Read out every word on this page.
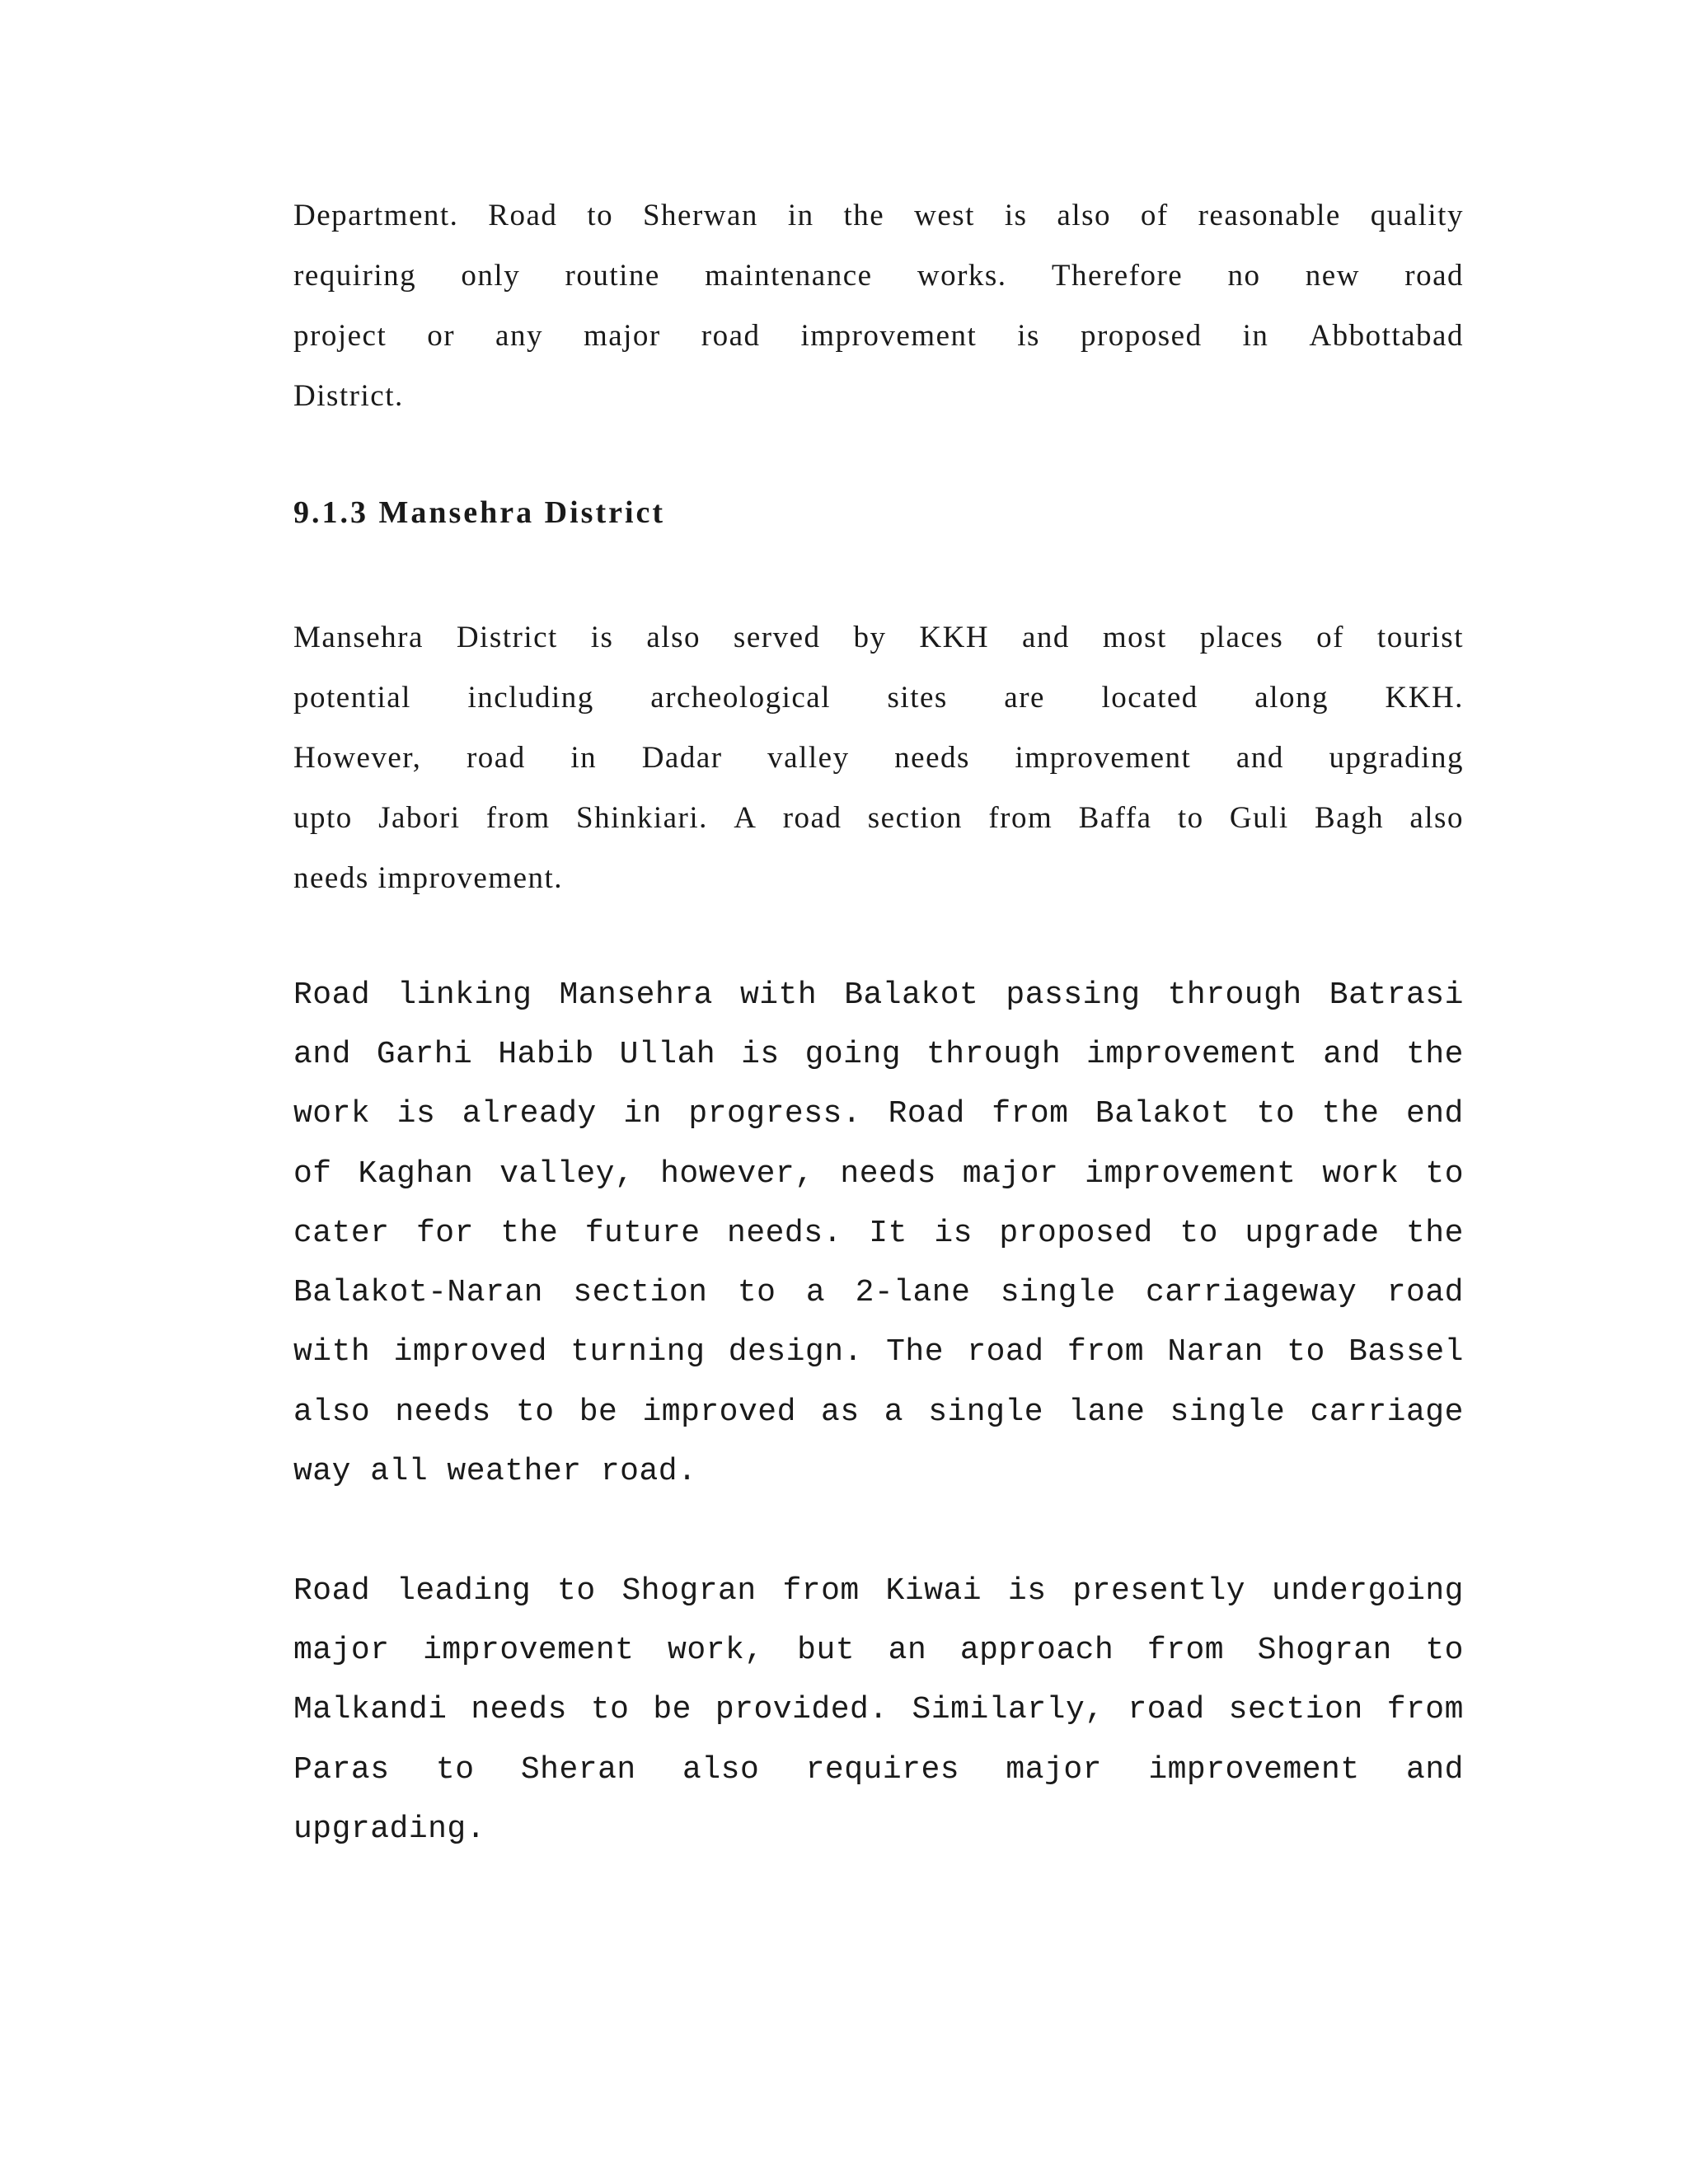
Department. Road to Sherwan in the west is also of reasonable quality

requiring only routine maintenance works. Therefore no new road

project or any major road improvement is proposed in Abbottabad

District.

9.1.3 Mansehra District

Mansehra District is also served by KKH and most places of tourist

potential including archeological sites are located along KKH.

However, road in Dadar valley needs improvement and upgrading

upto Jabori from Shinkiari. A road section from Baffa to Guli Bagh also

needs improvement.

Road linking Mansehra with Balakot passing through Batrasi

and Garhi Habib Ullah is going through improvement and the

work is already in progress. Road from Balakot to the end

of Kaghan valley, however, needs major improvement work to

cater for the future needs. It is proposed to upgrade the

Balakot-Naran section to a 2-lane single carriageway road

with improved turning design. The road from Naran to Bassel

also needs to be improved as a single lane single carriage

way all weather road.

Road leading to Shogran from Kiwai is presently undergoing

major improvement work, but an approach from Shogran to

Malkandi needs to be provided. Similarly, road section from

Paras to Sheran also requires major improvement and

upgrading.
